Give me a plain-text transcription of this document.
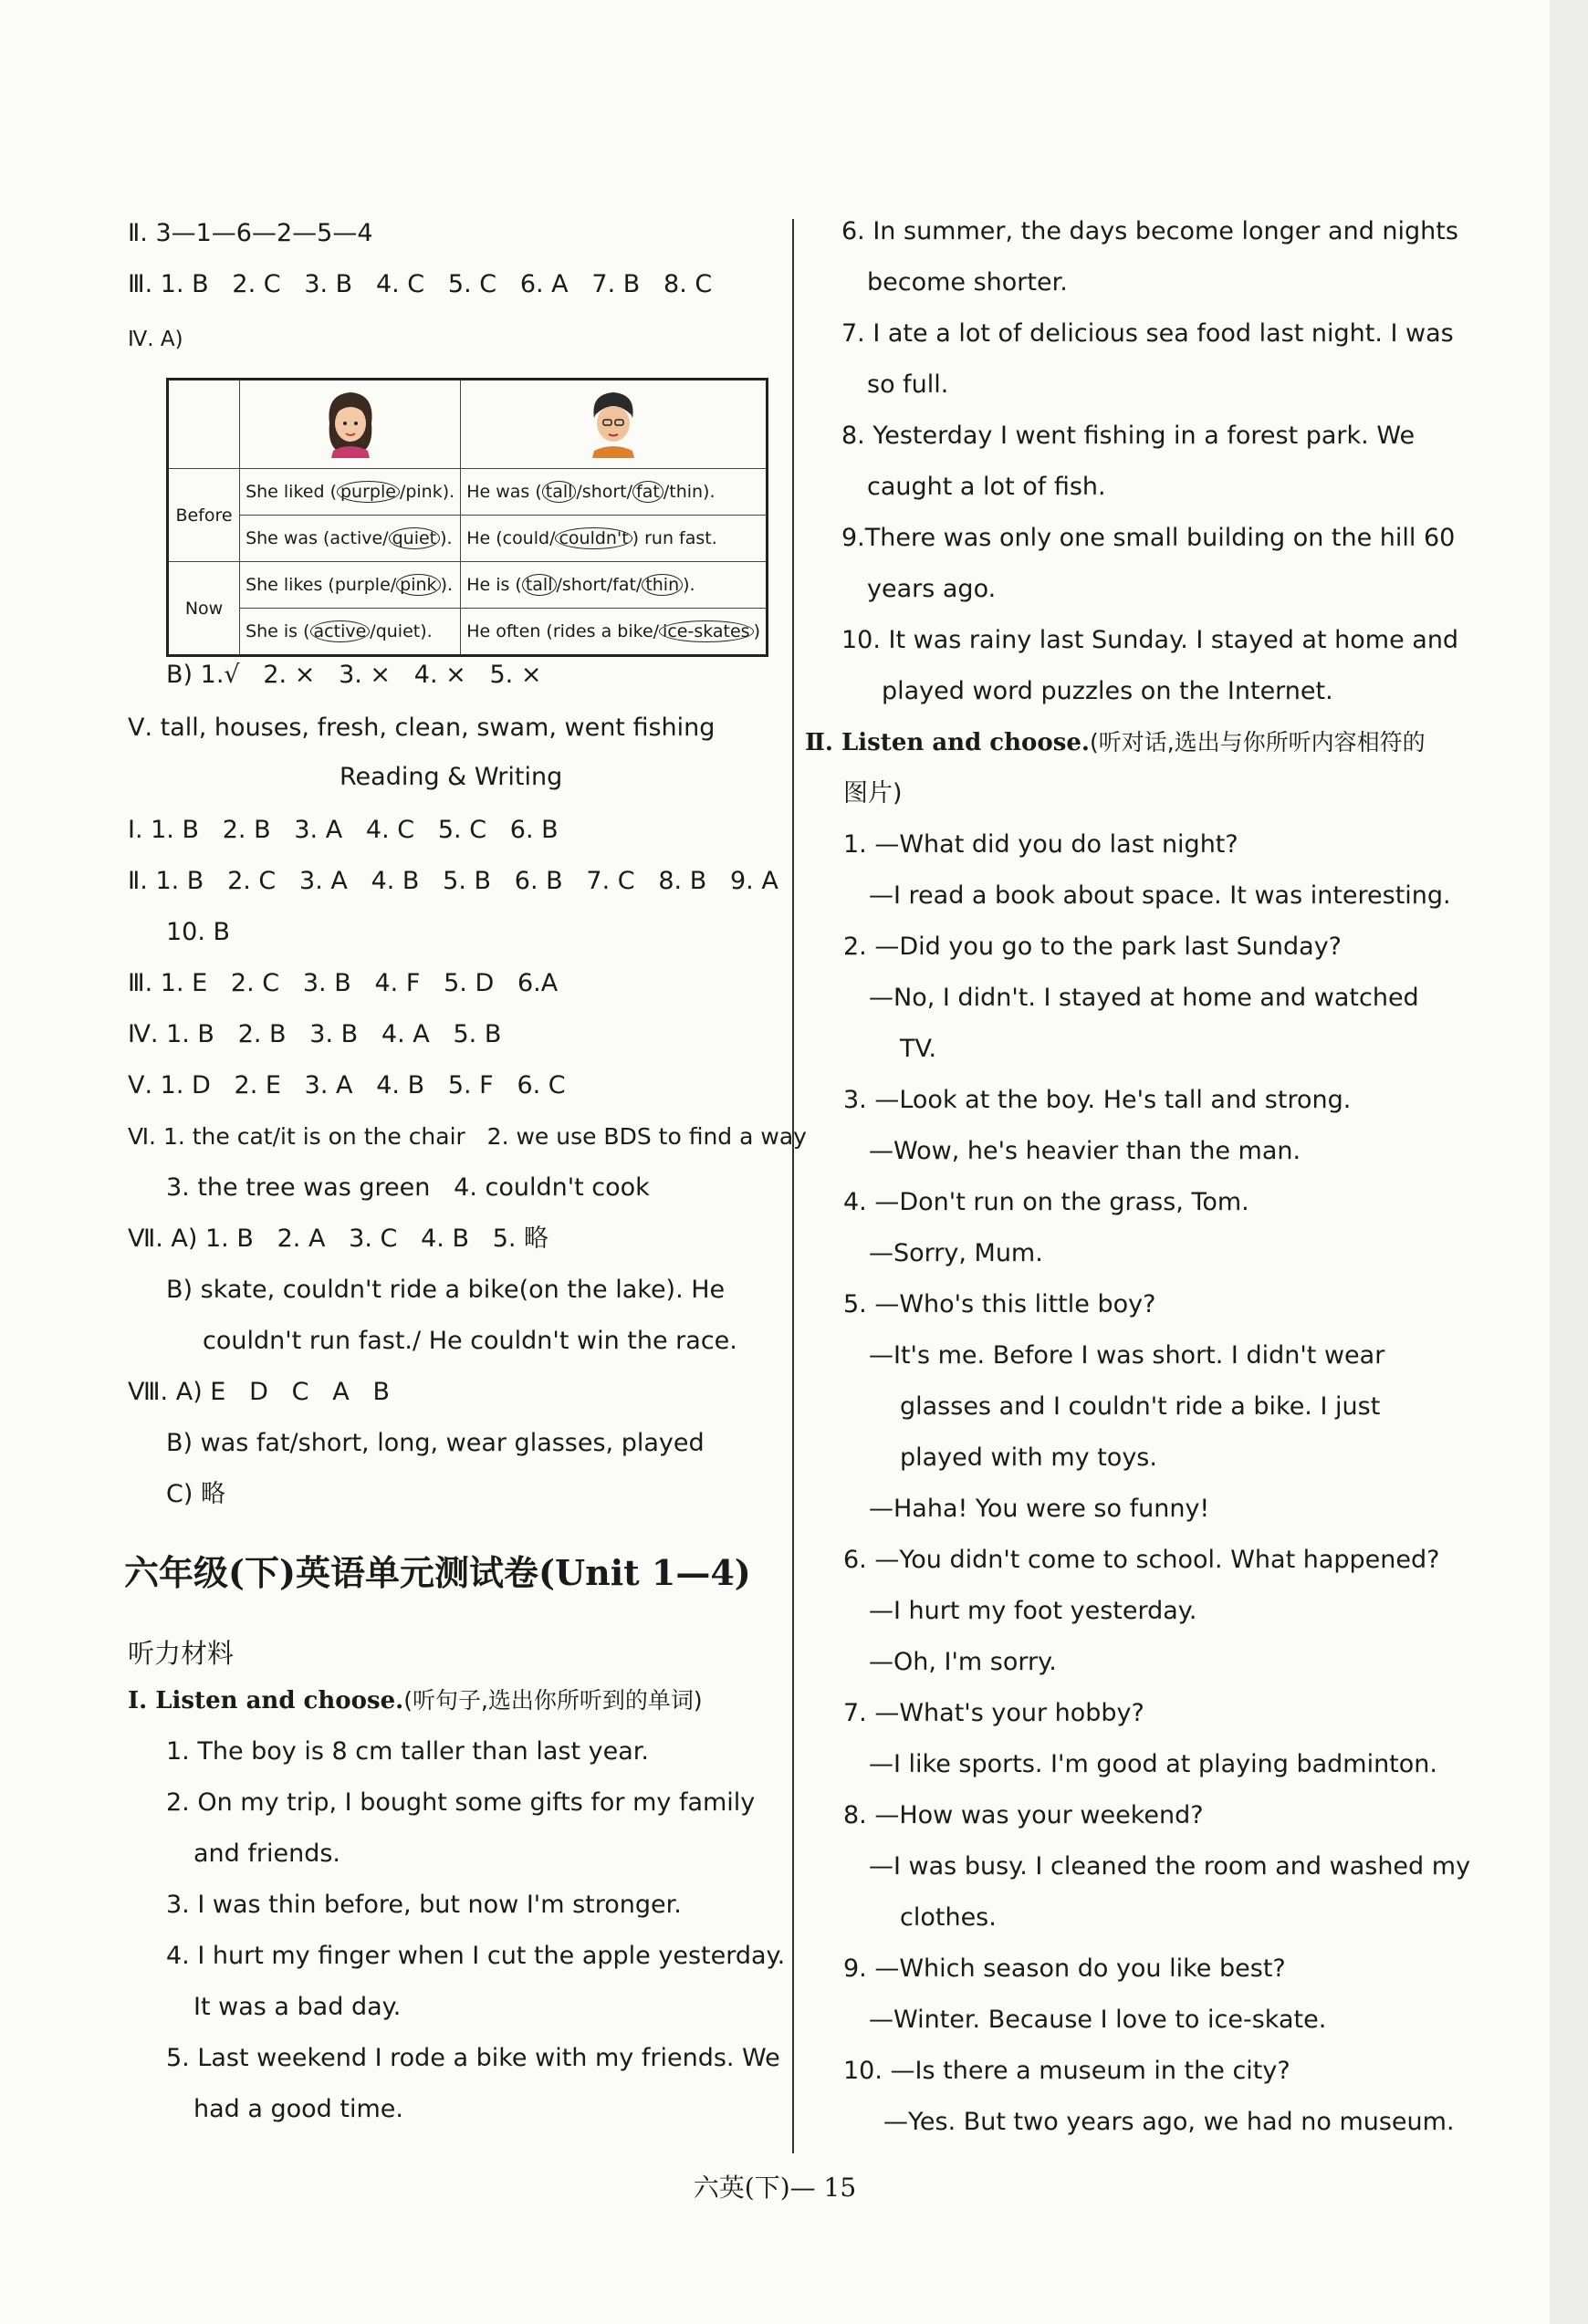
Ⅱ. 3—1—6—2—5—4
Ⅲ. 1. B   2. C   3. B   4. C   5. C   6. A   7. B   8. C
Ⅳ. A)

Before	She liked ( purple /pink).	He was ( tall /short/ fat /thin).
	She was (active/ quiet ).	He (could/ couldn't ) run fast.
Now	She likes (purple/ pink ).	He is ( tall /short/fat/ thin ).
	She is ( active /quiet).	He often (rides a bike/ ice-skates )
B) 1.√   2. ×   3. ×   4. ×   5. ×
Ⅴ. tall, houses, fresh, clean, swam, went fishing
Reading & Writing
Ⅰ. 1. B   2. B   3. A   4. C   5. C   6. B
Ⅱ. 1. B   2. C   3. A   4. B   5. B   6. B   7. C   8. B   9. A
10. B
Ⅲ. 1. E   2. C   3. B   4. F   5. D   6.A
Ⅳ. 1. B   2. B   3. B   4. A   5. B
Ⅴ. 1. D   2. E   3. A   4. B   5. F   6. C
Ⅵ. 1. the cat/it is on the chair   2. we use BDS to find a way
3. the tree was green   4. couldn't cook
Ⅶ. A) 1. B   2. A   3. C   4. B   5. 略
B) skate, couldn't ride a bike(on the lake). He
couldn't run fast./ He couldn't win the race.
Ⅷ. A) E   D   C   A   B
B) was fat/short, long, wear glasses, played
C) 略
六年级(下)英语单元测试卷(Unit 1—4)
听力材料
Ⅰ. Listen and choose.(听句子,选出你所听到的单词)
1. The boy is 8 cm taller than last year.
2. On my trip, I bought some gifts for my family
and friends.
3. I was thin before, but now I'm stronger.
4. I hurt my finger when I cut the apple yesterday.
It was a bad day.
5. Last weekend I rode a bike with my friends. We
had a good time.
6. In summer, the days become longer and nights
become shorter.
7. I ate a lot of delicious sea food last night. I was
so full.
8. Yesterday I went fishing in a forest park. We
caught a lot of fish.
9.There was only one small building on the hill 60
years ago.
10. It was rainy last Sunday. I stayed at home and
played word puzzles on the Internet.
Ⅱ. Listen and choose.(听对话,选出与你所听内容相符的
图片)
1. —What did you do last night?
—I read a book about space. It was interesting.
2. —Did you go to the park last Sunday?
—No, I didn't. I stayed at home and watched
TV.
3. —Look at the boy. He's tall and strong.
—Wow, he's heavier than the man.
4. —Don't run on the grass, Tom.
—Sorry, Mum.
5. —Who's this little boy?
—It's me. Before I was short. I didn't wear
glasses and I couldn't ride a bike. I just
played with my toys.
—Haha! You were so funny!
6. —You didn't come to school. What happened?
—I hurt my foot yesterday.
—Oh, I'm sorry.
7. —What's your hobby?
—I like sports. I'm good at playing badminton.
8. —How was your weekend?
—I was busy. I cleaned the room and washed my
clothes.
9. —Which season do you like best?
—Winter. Because I love to ice-skate.
10. —Is there a museum in the city?
—Yes. But two years ago, we had no museum.
六英(下)— 15
